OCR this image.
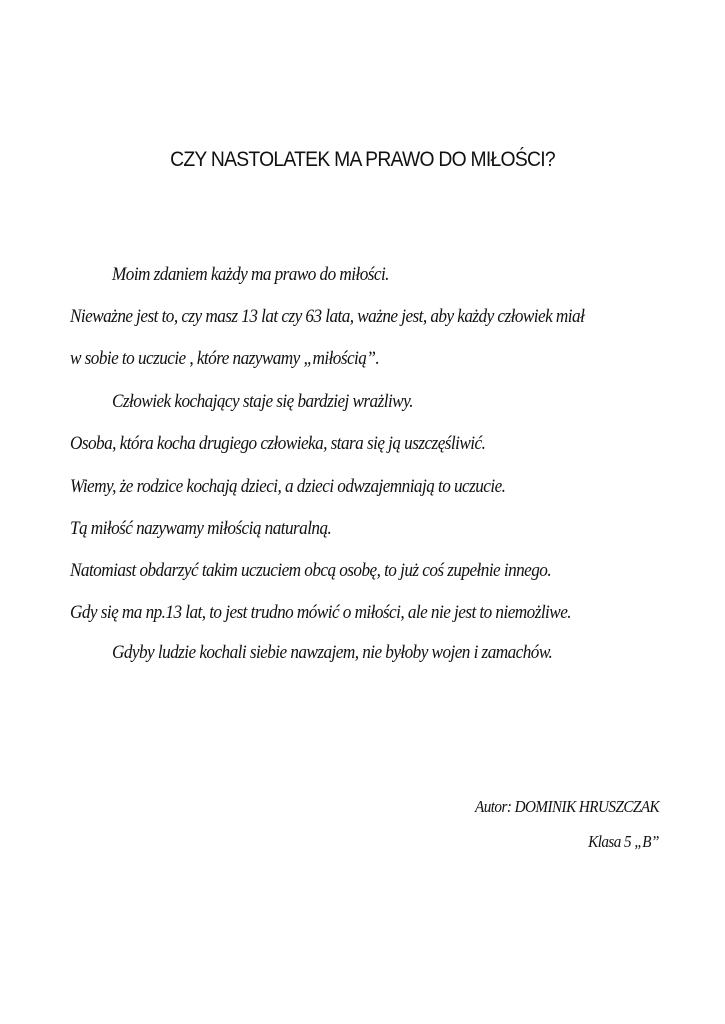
CZY NASTOLATEK MA PRAWO DO MIŁOŚCI?
Moim zdaniem każdy ma prawo do miłości.
Nieważne jest to, czy masz 13 lat czy 63 lata, ważne jest, aby każdy człowiek miał
w sobie to uczucie , które nazywamy „miłością”.
Człowiek kochający staje się bardziej wrażliwy.
Osoba, która kocha drugiego człowieka, stara się ją uszczęśliwić.
Wiemy, że rodzice kochają dzieci, a dzieci odwzajemniają to uczucie.
Tą miłość nazywamy miłością naturalną.
Natomiast obdarzyć takim uczuciem obcą osobę, to już coś zupełnie innego.
Gdy się ma np.13 lat, to jest trudno mówić o miłości, ale nie jest to niemożliwe.
Gdyby ludzie kochali siebie nawzajem, nie byłoby wojen i zamachów.
Autor: DOMINIK HRUSZCZAK
Klasa 5 „B”
